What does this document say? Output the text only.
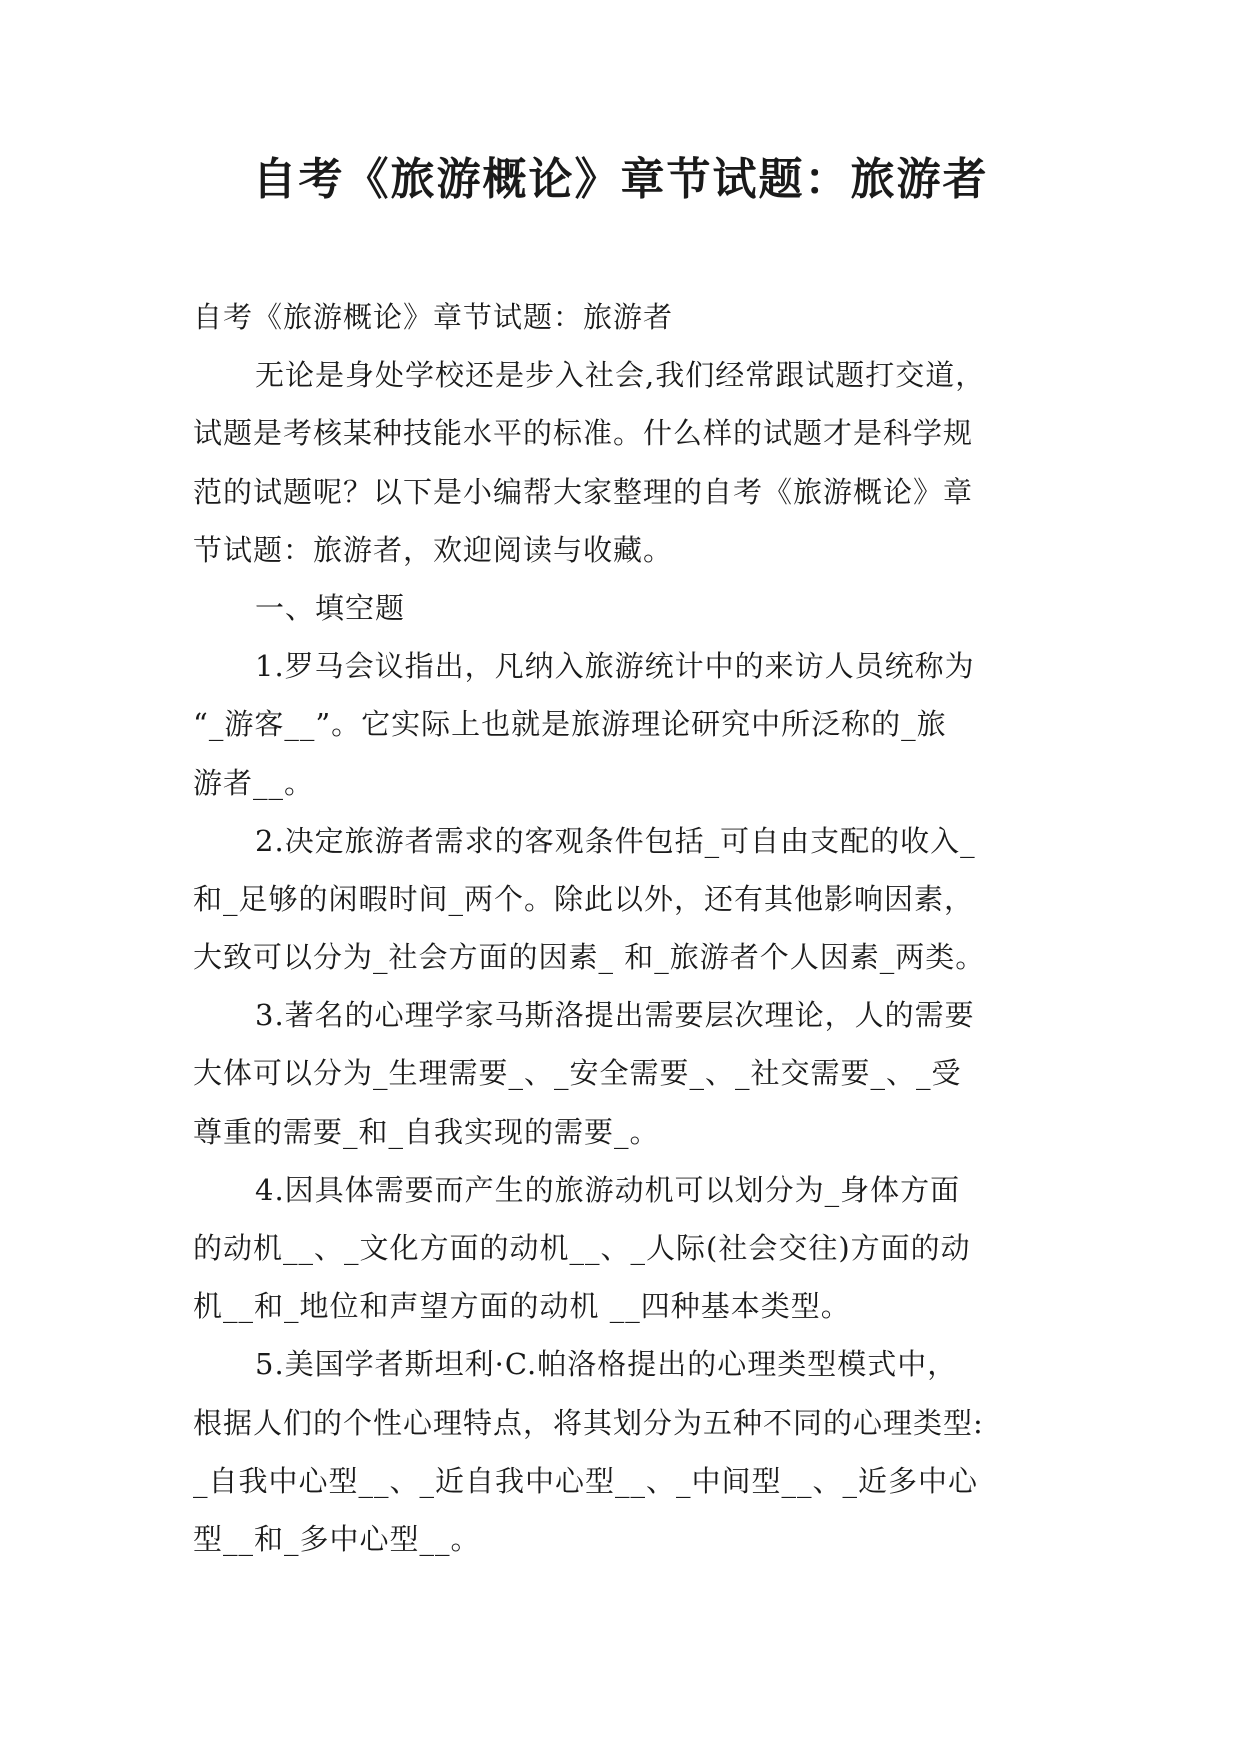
自考《旅游概论》章节试题：旅游者
自考《旅游概论》章节试题：旅游者
无论是身处学校还是步入社会,我们经常跟试题打交道，
试题是考核某种技能水平的标准。什么样的试题才是科学规
范的试题呢？以下是小编帮大家整理的自考《旅游概论》章
节试题：旅游者，欢迎阅读与收藏。
一、填空题
1.罗马会议指出，凡纳入旅游统计中的来访人员统称为
“_游客__”。它实际上也就是旅游理论研究中所泛称的_旅
游者__。
2.决定旅游者需求的客观条件包括_可自由支配的收入_
和_足够的闲暇时间_两个。除此以外，还有其他影响因素，
大致可以分为_社会方面的因素_ 和_旅游者个人因素_两类。
3.著名的心理学家马斯洛提出需要层次理论，人的需要
大体可以分为_生理需要_、_安全需要_、_社交需要_、_受
尊重的需要_和_自我实现的需要_。
4.因具体需要而产生的旅游动机可以划分为_身体方面
的动机__、_文化方面的动机__、_人际(社会交往)方面的动
机__和_地位和声望方面的动机 __四种基本类型。
5.美国学者斯坦利·C.帕洛格提出的心理类型模式中，
根据人们的个性心理特点，将其划分为五种不同的心理类型:
_自我中心型__、_近自我中心型__、_中间型__、_近多中心
型__和_多中心型__。
